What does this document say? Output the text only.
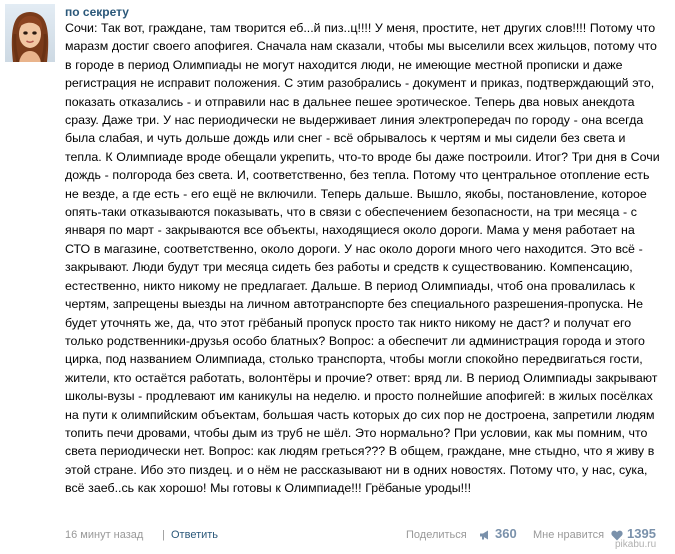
по секрету

Сочи: Так вот, граждане, там творится еб...й пиз..ц!!!! У меня, простите, нет других слов!!!! Потому что маразм достиг своего апофигея. Сначала нам сказали, чтобы мы выселили всех жильцов, потому что в городе в период Олимпиады не могут находится люди, не имеющие местной прописки и даже регистрация не исправит положения. С этим разобрались - документ и приказ, подтверждающий это, показать отказались - и отправили нас в дальнее пешее эротическое. Теперь два новых анекдота сразу. Даже три. У нас периодически не выдерживает линия электропередач по городу - она всегда была слабая, и чуть дольше дождь или снег - всё обрывалось к чертям и мы сидели без света и тепла. К Олимпиаде вроде обещали укрепить, что-то вроде бы даже построили. Итог? Три дня в Сочи дождь - полгорода без света. И, соответственно, без тепла. Потому что центральное отопление есть не везде, а где есть - его ещё не включили. Теперь дальше. Вышло, якобы, постановление, которое опять-таки отказываются показывать, что в связи с обеспечением безопасности, на три месяца - с января по март - закрываются все объекты, находящиеся около дороги. Мама у меня работает на СТО в магазине, соответственно, около дороги. У нас около дороги много чего находится. Это всё - закрывают. Люди будут три месяца сидеть без работы и средств к существованию. Компенсацию, естественно, никто никому не предлагает. Дальше. В период Олимпиады, чтоб она провалилась к чертям, запрещены выезды на личном автотранспорте без специального разрешения-пропуска. Не будет уточнять же, да, что этот грёбаный пропуск просто так никто никому не даст? и получат его только родственники-друзья особо блатных? Вопрос: а обеспечит ли администрация города и этого цирка, под названием Олимпиада, столько транспорта, чтобы могли спокойно передвигаться гости, жители, кто остаётся работать, волонтёры и прочие? ответ: вряд ли. В период Олимпиады закрывают школы-вузы - продлевают им каникулы на неделю. и просто полнейшие апофигей: в жилых посёлках на пути к олимпийским объектам, большая часть которых до сих пор не достроена, запретили людям топить печи дровами, чтобы дым из труб не шёл. Это нормально? При условии, как мы помним, что света периодически нет. Вопрос: как людям греться??? В общем, граждане, мне стыдно, что я живу в этой стране. Ибо это пиздец. и о нём не рассказывают ни в одних новостях. Потому что, у нас, сука, всё заеб..сь как хорошо! Мы готовы к Олимпиаде!!! Грёбаные уроды!!!

16 минут назад | Ответить	Поделиться 360 Мне нравится 1395
pikabu.ru
